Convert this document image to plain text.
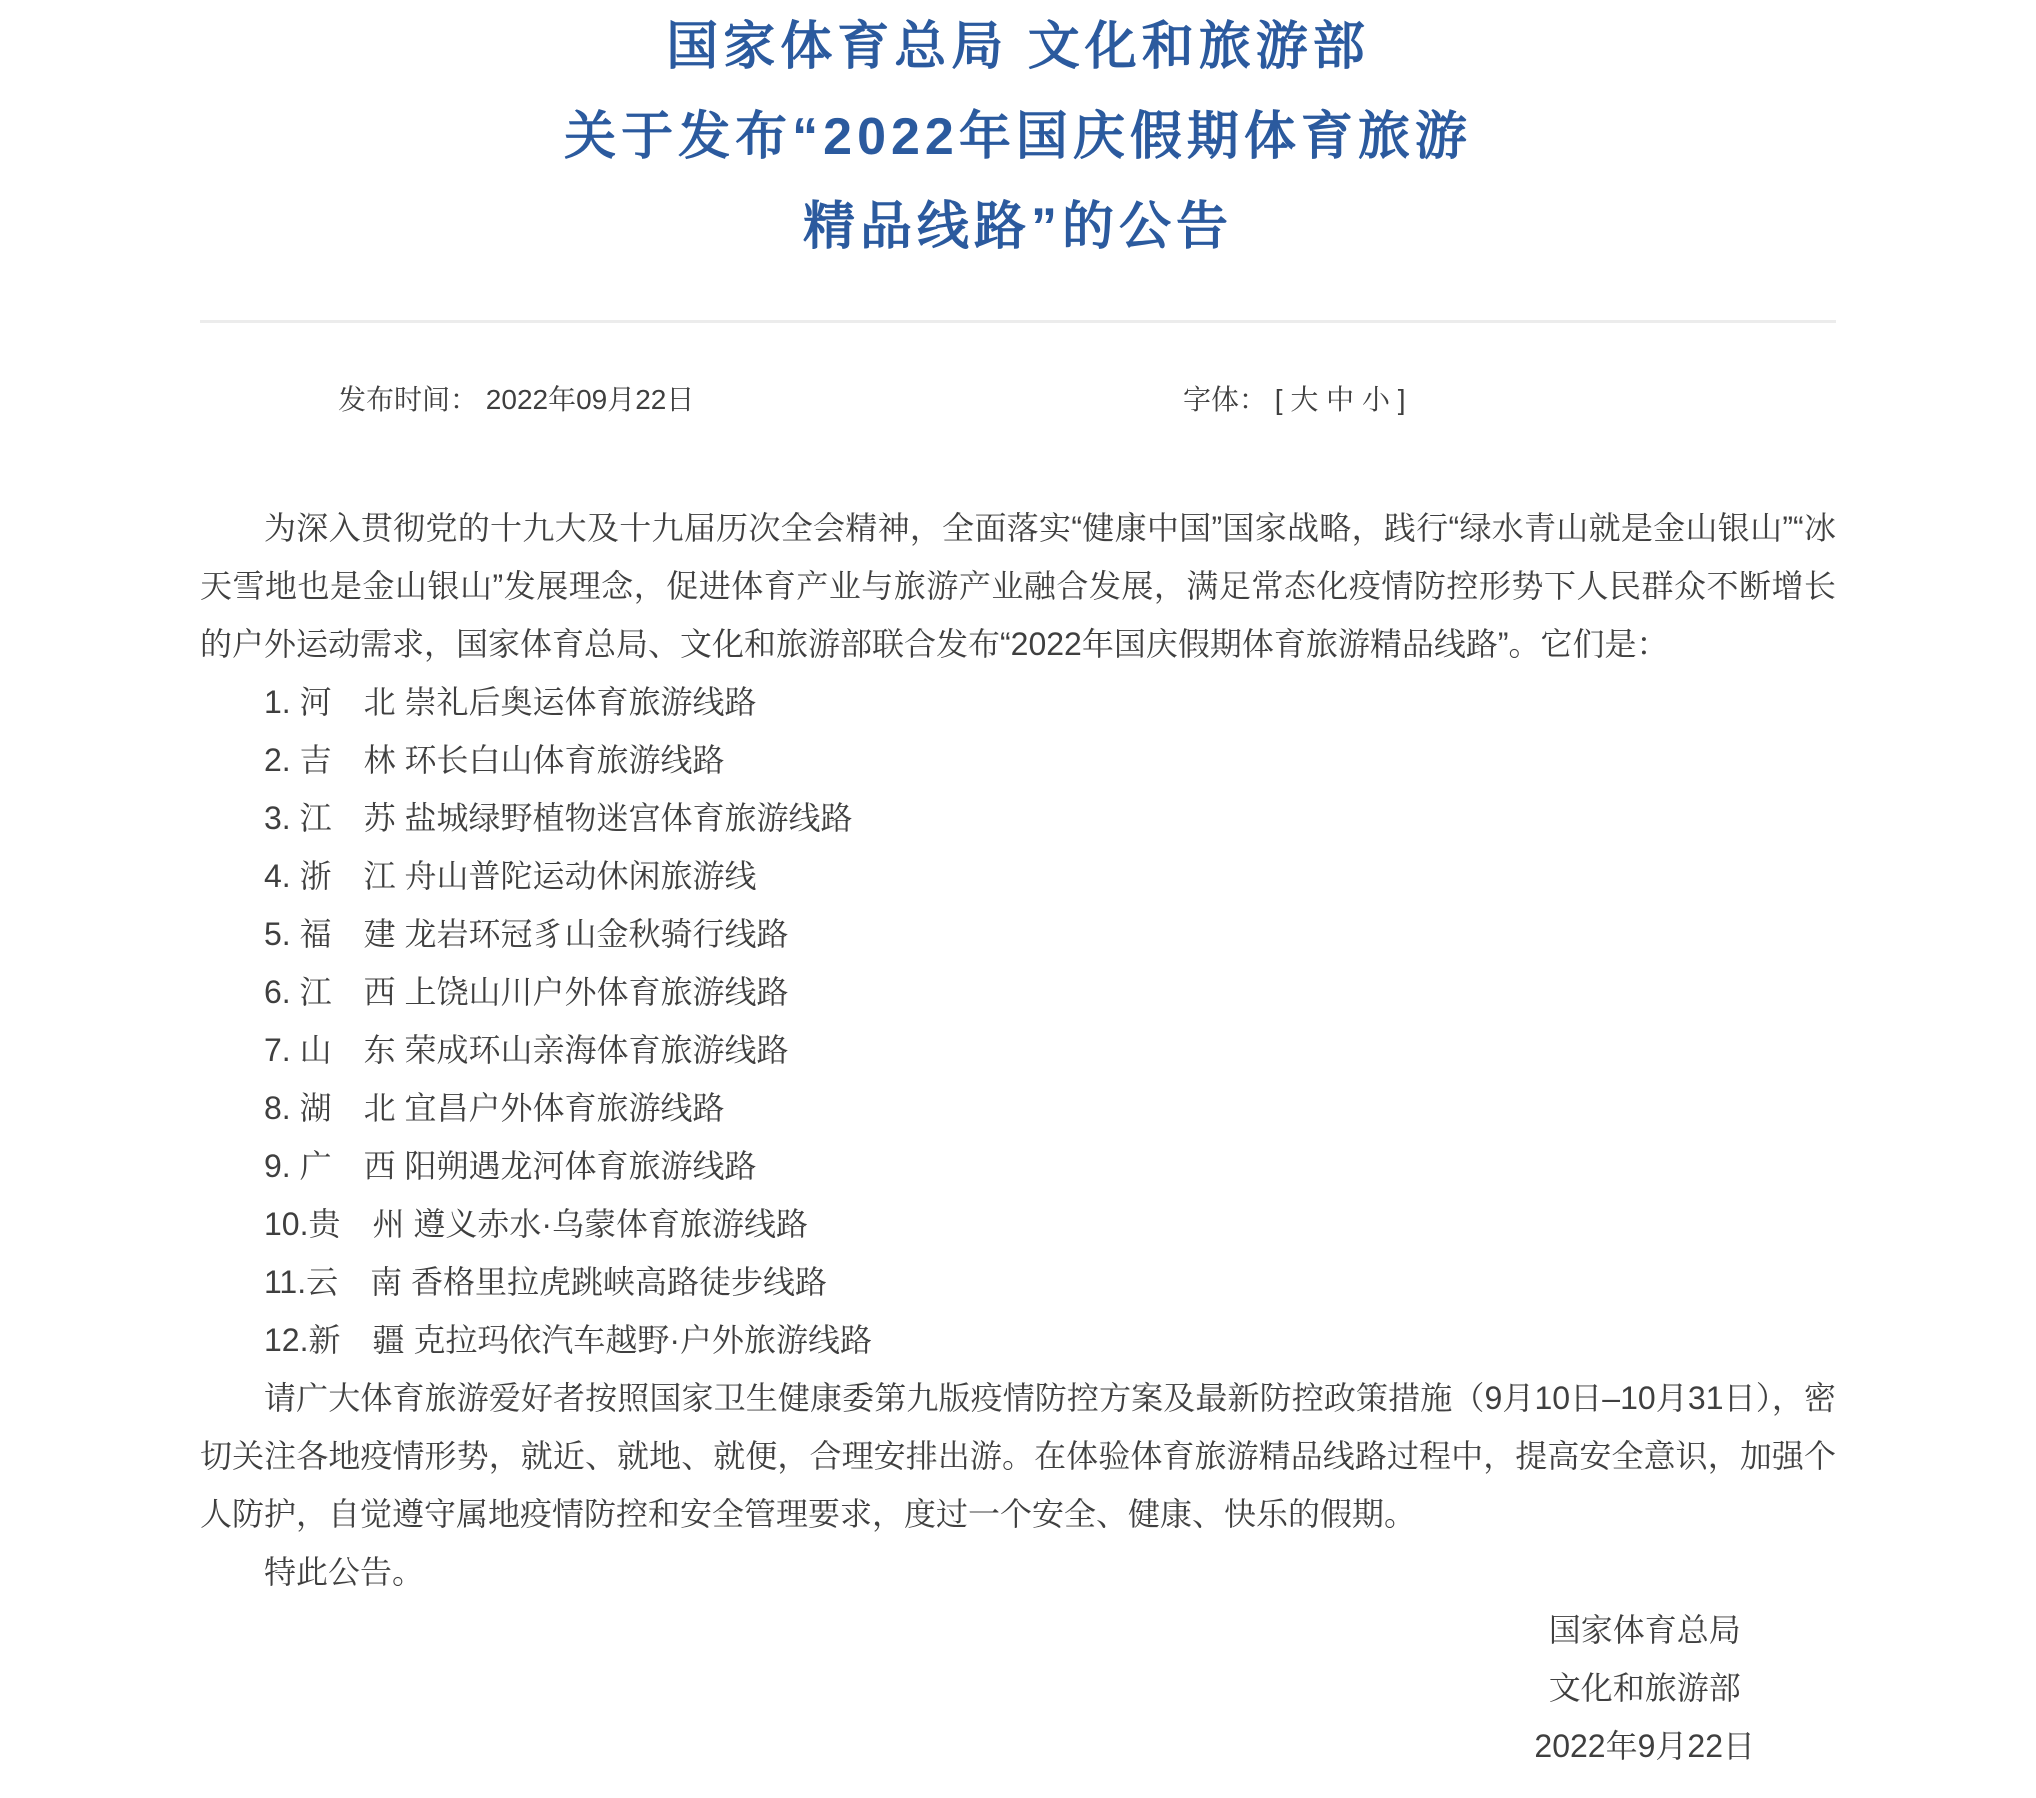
国家体育总局 文化和旅游部
关于发布“2022年国庆假期体育旅游
精品线路”的公告
发布时间： 2022年09月22日	字体： [ 大 中 小 ]

为深入贯彻党的十九大及十九届历次全会精神，全面落实“健康中国”国家战略，践行“绿水青山就是金山银山”“冰天雪地也是金山银山”发展理念，促进体育产业与旅游产业融合发展，满足常态化疫情防控形势下人民群众不断增长的户外运动需求，国家体育总局、文化和旅游部联合发布“2022年国庆假期体育旅游精品线路”。它们是：

1. 河　北 崇礼后奥运体育旅游线路
2. 吉　林 环长白山体育旅游线路
3. 江　苏 盐城绿野植物迷宫体育旅游线路
4. 浙　江 舟山普陀运动休闲旅游线
5. 福　建 龙岩环冠豸山金秋骑行线路
6. 江　西 上饶山川户外体育旅游线路
7. 山　东 荣成环山亲海体育旅游线路
8. 湖　北 宜昌户外体育旅游线路
9. 广　西 阳朔遇龙河体育旅游线路
10.贵　州 遵义赤水·乌蒙体育旅游线路
11.云　南 香格里拉虎跳峡高路徒步线路
12.新　疆 克拉玛依汽车越野·户外旅游线路

请广大体育旅游爱好者按照国家卫生健康委第九版疫情防控方案及最新防控政策措施（9月10日–10月31日），密切关注各地疫情形势，就近、就地、就便，合理安排出游。在体验体育旅游精品线路过程中，提高安全意识，加强个人防护，自觉遵守属地疫情防控和安全管理要求，度过一个安全、健康、快乐的假期。

特此公告。

国家体育总局
文化和旅游部
2022年9月22日
